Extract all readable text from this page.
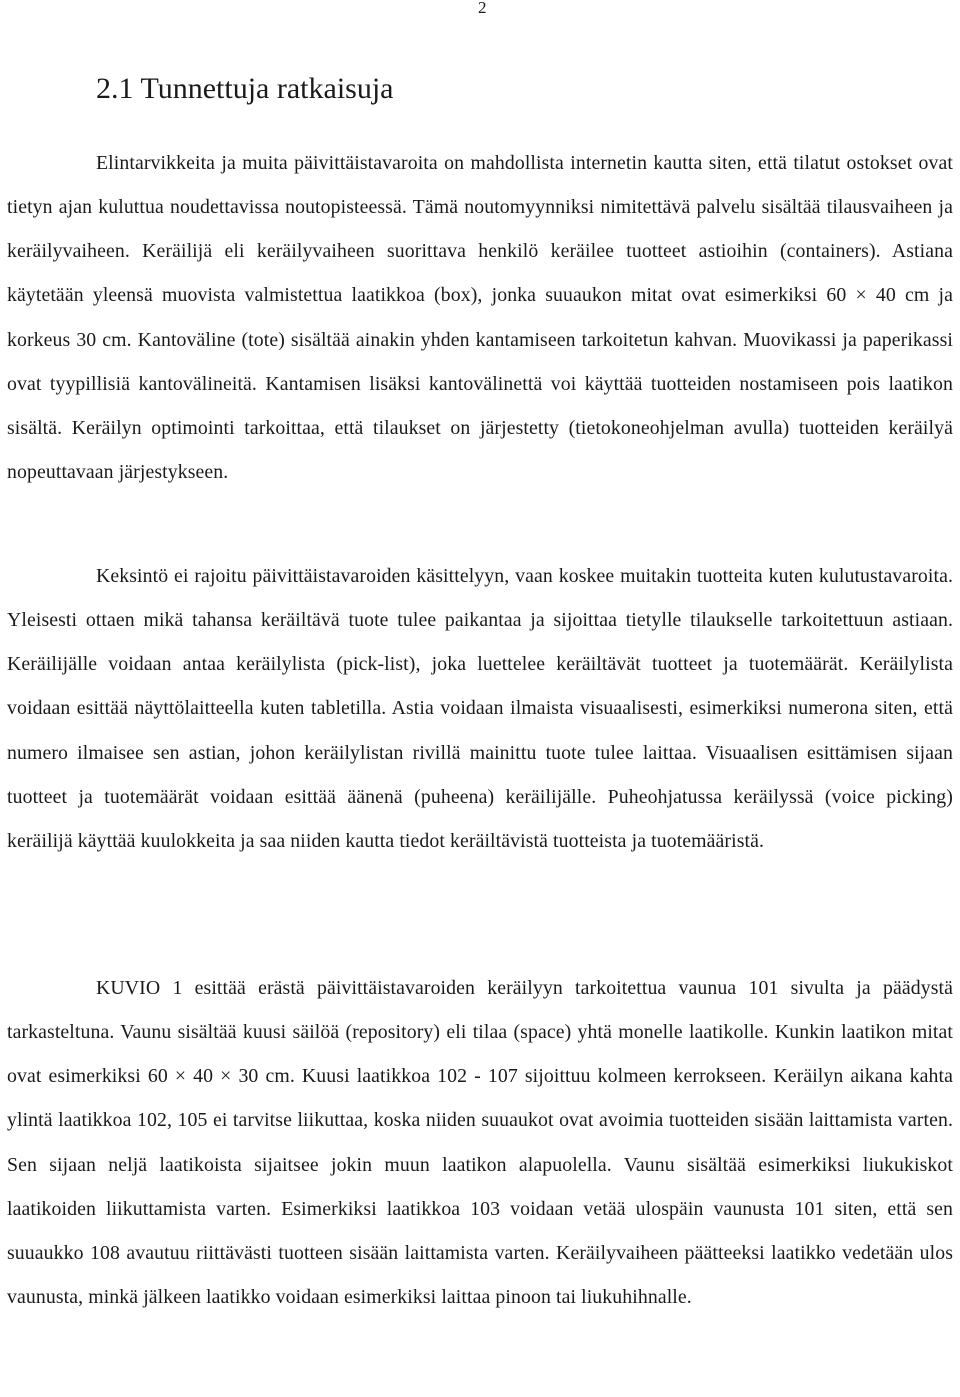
2
2.1 Tunnettuja ratkaisuja

Elintarvikkeita ja muita päivittäistavaroita on mahdollista internetin kautta siten, että tilatut ostokset ovat tietyn ajan kuluttua noudettavissa noutopisteessä. Tämä noutomyynniksi nimitettävä palvelu sisältää tilausvaiheen ja keräilyvaiheen. Keräilijä eli keräilyvaiheen suorittava henkilö keräilee tuotteet astioihin (containers). Astiana käytetään yleensä muovista valmistettua laatikkoa (box), jonka suuaukon mitat ovat esimerkiksi 60 × 40 cm ja korkeus 30 cm. Kantoväline (tote) sisältää ainakin yhden kantamiseen tarkoitetun kahvan. Muovikassi ja paperikassi ovat tyypillisiä kantovälineitä. Kantamisen lisäksi kantovälinettä voi käyttää tuotteiden nostamiseen pois laatikon sisältä. Keräilyn optimointi tarkoittaa, että tilaukset on järjestetty (tietokoneohjelman avulla) tuotteiden keräilyä nopeuttavaan järjestykseen.

Keksintö ei rajoitu päivittäistavaroiden käsittelyyn, vaan koskee muitakin tuotteita kuten kulutustavaroita. Yleisesti ottaen mikä tahansa keräiltävä tuote tulee paikantaa ja sijoittaa tietylle tilaukselle tarkoitettuun astiaan. Keräilijälle voidaan antaa keräilylista (pick-list), joka luettelee keräiltävät tuotteet ja tuotemäärät. Keräilylista voidaan esittää näyttölaitteella kuten tabletilla. Astia voidaan ilmaista visuaalisesti, esimerkiksi numerona siten, että numero ilmaisee sen astian, johon keräilylistan rivillä mainittu tuote tulee laittaa. Visuaalisen esittämisen sijaan tuotteet ja tuotemäärät voidaan esittää äänenä (puheena) keräilijälle. Puheohjatussa keräilyssä (voice picking) keräilijä käyttää kuulokkeita ja saa niiden kautta tiedot keräiltävistä tuotteista ja tuotemääristä.

KUVIO 1 esittää erästä päivittäistavaroiden keräilyyn tarkoitettua vaunua 101 sivulta ja päädystä tarkasteltuna. Vaunu sisältää kuusi säilöä (repository) eli tilaa (space) yhtä monelle laatikolle. Kunkin laatikon mitat ovat esimerkiksi 60 × 40 × 30 cm. Kuusi laatikkoa 102 - 107 sijoittuu kolmeen kerrokseen. Keräilyn aikana kahta ylintä laatikkoa 102, 105 ei tarvitse liikuttaa, koska niiden suuaukot ovat avoimia tuotteiden sisään laittamista varten. Sen sijaan neljä laatikoista sijaitsee jokin muun laatikon alapuolella. Vaunu sisältää esimerkiksi liukukiskot laatikoiden liikuttamista varten. Esimerkiksi laatikkoa 103 voidaan vetää ulospäin vaunusta 101 siten, että sen suuaukko 108 avautuu riittävästi tuotteen sisään laittamista varten. Keräilyvaiheen päätteeksi laatikko vedetään ulos vaunusta, minkä jälkeen laatikko voidaan esimerkiksi laittaa pinoon tai liukuhihnalle.
